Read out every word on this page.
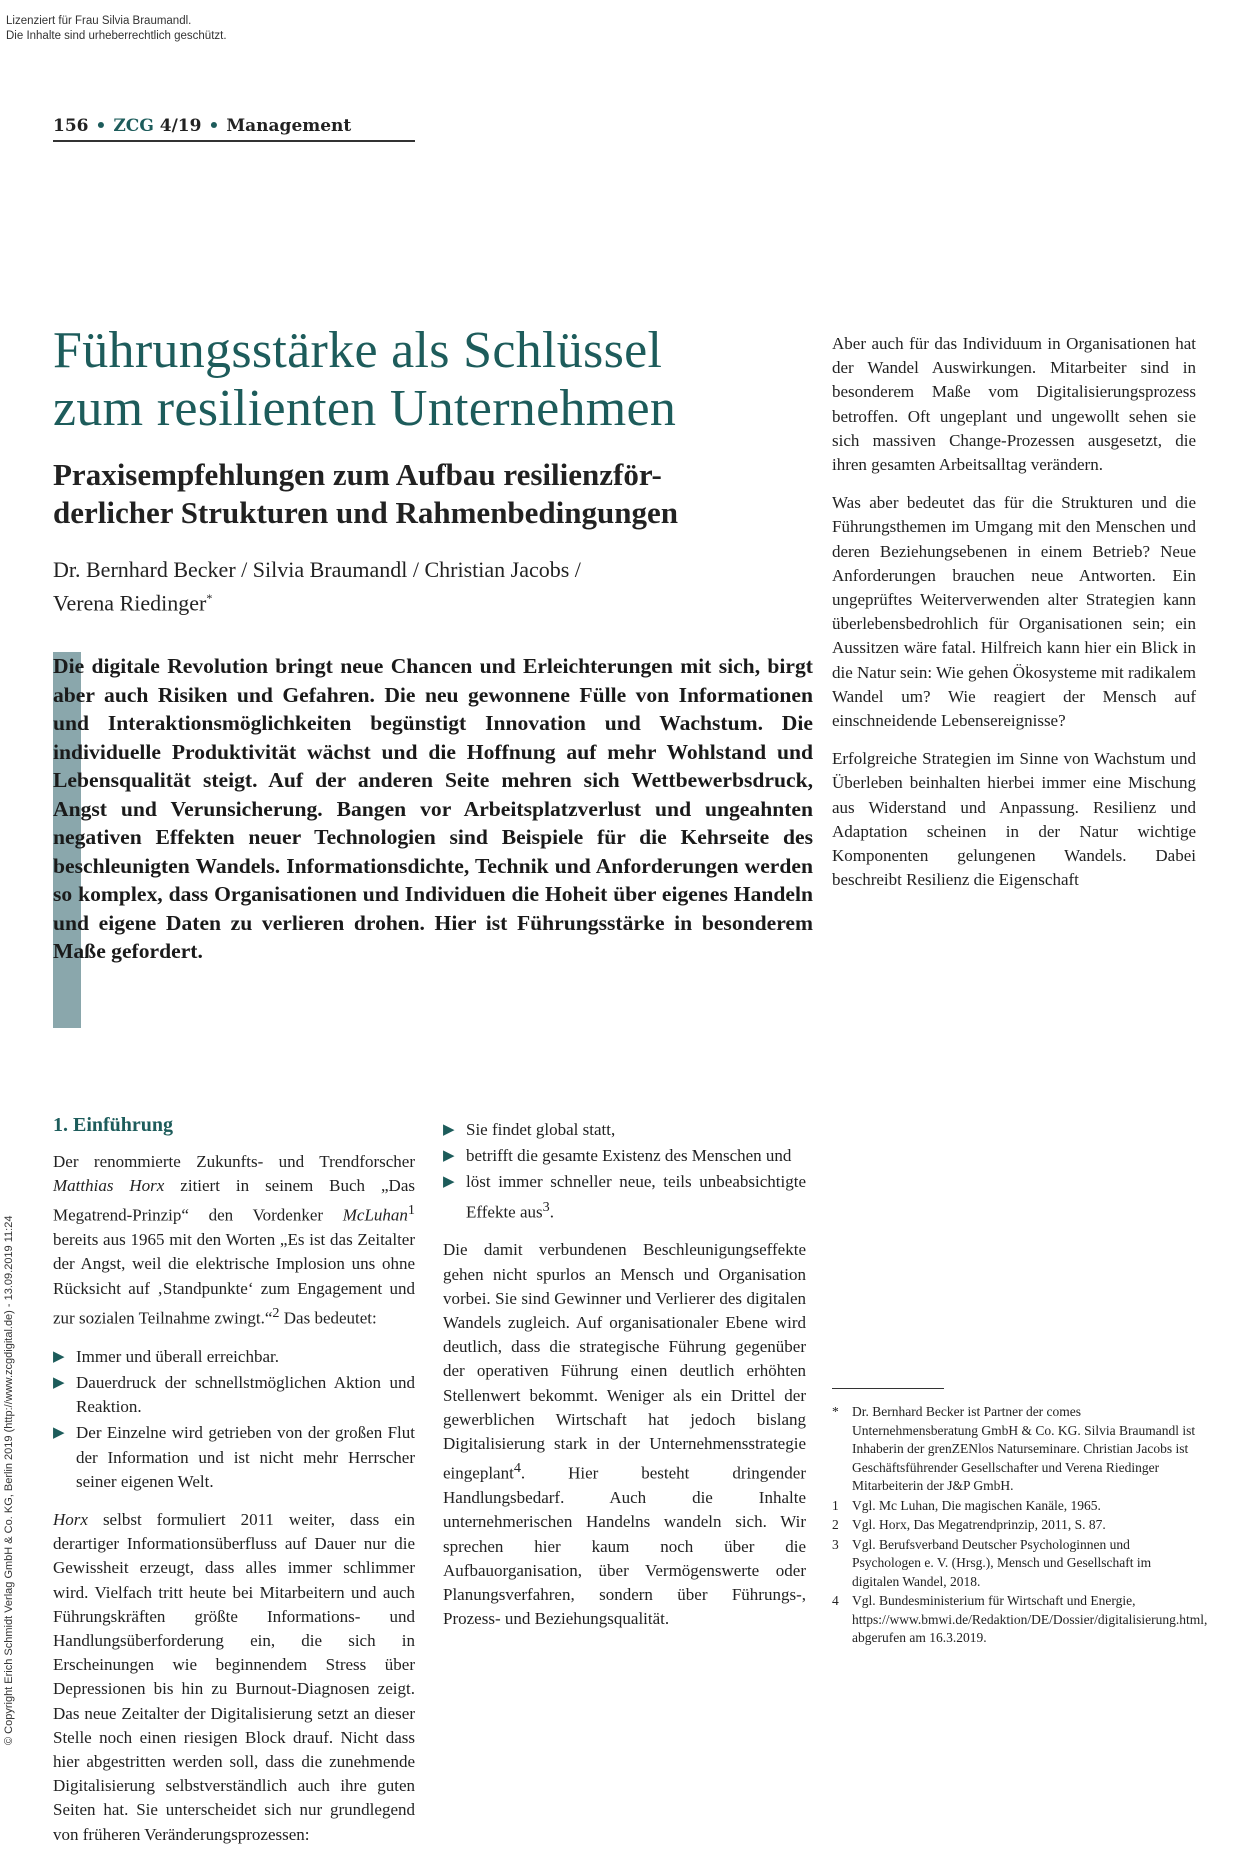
Lizenziert für Frau Silvia Braumandl.
Die Inhalte sind urheberrechtlich geschützt.
© Copyright Erich Schmidt Verlag GmbH & Co. KG, Berlin 2019 (http://www.zcgdigital.de) - 13.09.2019 11:24
156 • ZCG 4/19 • Management
Führungsstärke als Schlüssel
zum resilienten Unternehmen
Praxisempfehlungen zum Aufbau resilienzför-
derlicher Strukturen und Rahmenbedingungen
Dr. Bernhard Becker / Silvia Braumandl / Christian Jacobs /
Verena Riedinger*
Die digitale Revolution bringt neue Chancen und Erleichterungen mit sich, birgt aber auch Risiken und Gefahren. Die neu gewonnene Fülle von Informationen und Interaktionsmöglichkeiten begünstigt Innovation und Wachstum. Die individuelle Produktivität wächst und die Hoffnung auf mehr Wohlstand und Lebensqualität steigt. Auf der anderen Seite mehren sich Wettbewerbsdruck, Angst und Verunsicherung. Bangen vor Arbeitsplatzverlust und ungeahnten negativen Effekten neuer Technologien sind Beispiele für die Kehrseite des beschleunigten Wandels. Informationsdichte, Technik und Anforderungen werden so komplex, dass Organisationen und Individuen die Hoheit über eigenes Handeln und eigene Daten zu verlieren drohen. Hier ist Führungsstärke in besonderem Maße gefordert.
1. Einführung

Der renommierte Zukunfts- und Trendforscher Matthias Horx zitiert in seinem Buch „Das Megatrend-Prinzip“ den Vordenker McLuhan$^1$ bereits aus 1965 mit den Worten „Es ist das Zeitalter der Angst, weil die elektrische Implosion uns ohne Rücksicht auf ‚Standpunkte‘ zum Engagement und zur sozialen Teilnahme zwingt.“$^2$ Das bedeutet:

▶ Immer und überall erreichbar.
▶ Dauerdruck der schnellstmöglichen Aktion und Reaktion.
▶ Der Einzelne wird getrieben von der großen Flut der Information und ist nicht mehr Herrscher seiner eigenen Welt.

Horx selbst formuliert 2011 weiter, dass ein derartiger Informationsüberfluss auf Dauer nur die Gewissheit erzeugt, dass alles immer schlimmer wird. Vielfach tritt heute bei Mitarbeitern und auch Führungskräften größte Informations- und Handlungsüberforderung ein, die sich in Erscheinungen wie beginnendem Stress über Depressionen bis hin zu Burnout-Diagnosen zeigt. Das neue Zeitalter der Digitalisierung setzt an dieser Stelle noch einen riesigen Block drauf. Nicht dass hier abgestritten werden soll, dass die zunehmende Digitalisierung selbstverständlich auch ihre guten Seiten hat. Sie unterscheidet sich nur grundlegend von früheren Veränderungsprozessen:

▶ Sie findet global statt,
▶ betrifft die gesamte Existenz des Menschen und
▶ löst immer schneller neue, teils unbeabsichtigte Effekte aus$^3$.

Die damit verbundenen Beschleunigungseffekte gehen nicht spurlos an Mensch und Organisation vorbei. Sie sind Gewinner und Verlierer des digitalen Wandels zugleich. Auf organisationaler Ebene wird deutlich, dass die strategische Führung gegenüber der operativen Führung einen deutlich erhöhten Stellenwert bekommt. Weniger als ein Drittel der gewerblichen Wirtschaft hat jedoch bislang Digitalisierung stark in der Unternehmensstrategie eingeplant$^4$. Hier besteht dringender Handlungsbedarf. Auch die Inhalte unternehmerischen Handelns wandeln sich. Wir sprechen hier kaum noch über die Aufbauorganisation, über Vermögenswerte oder Planungsverfahren, sondern über Führungs-, Prozess- und Beziehungsqualität.

Aber auch für das Individuum in Organisationen hat der Wandel Auswirkungen. Mitarbeiter sind in besonderem Maße vom Digitalisierungsprozess betroffen. Oft ungeplant und ungewollt sehen sie sich massiven Change-Prozessen ausgesetzt, die ihren gesamten Arbeitsalltag verändern.

Was aber bedeutet das für die Strukturen und die Führungsthemen im Umgang mit den Menschen und deren Beziehungsebenen in einem Betrieb? Neue Anforderungen brauchen neue Antworten. Ein ungeprüftes Weiterverwenden alter Strategien kann überlebensbedrohlich für Organisationen sein; ein Aussitzen wäre fatal. Hilfreich kann hier ein Blick in die Natur sein: Wie gehen Ökosysteme mit radikalem Wandel um? Wie reagiert der Mensch auf einschneidende Lebensereignisse?

Erfolgreiche Strategien im Sinne von Wachstum und Überleben beinhalten hierbei immer eine Mischung aus Widerstand und Anpassung. Resilienz und Adaptation scheinen in der Natur wichtige Komponenten gelungenen Wandels. Dabei beschreibt Resilienz die Eigenschaft

* Dr. Bernhard Becker ist Partner der comes Unternehmensberatung GmbH & Co. KG. Silvia Braumandl ist Inhaberin der grenZENlos Naturseminare. Christian Jacobs ist Geschäftsführender Gesellschafter und Verena Riedinger Mitarbeiterin der J&P GmbH.
1 Vgl. Mc Luhan, Die magischen Kanäle, 1965.
2 Vgl. Horx, Das Megatrendprinzip, 2011, S. 87.
3 Vgl. Berufsverband Deutscher Psychologinnen und Psychologen e. V. (Hrsg.), Mensch und Gesellschaft im digitalen Wandel, 2018.
4 Vgl. Bundesministerium für Wirtschaft und Energie, https://www.bmwi.de/Redaktion/DE/Dossier/digitalisierung.html, abgerufen am 16.3.2019.
